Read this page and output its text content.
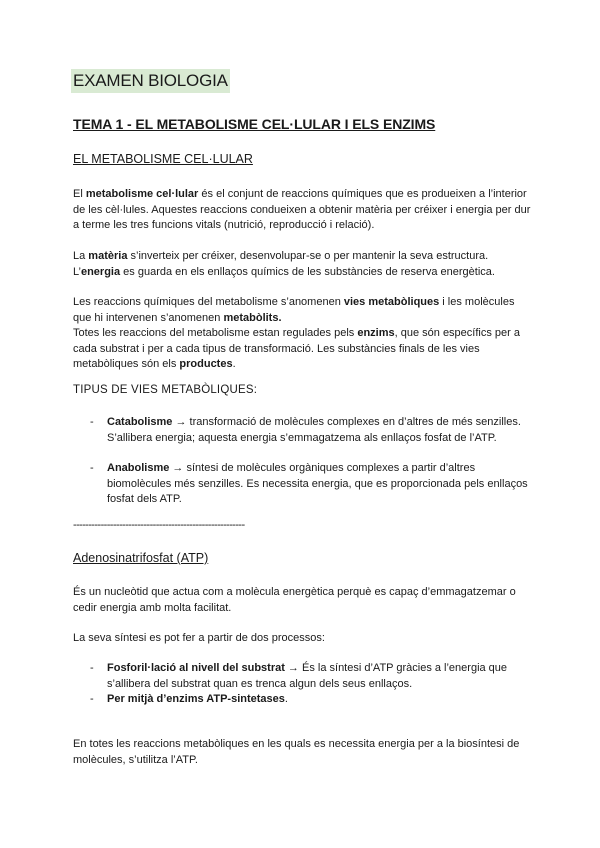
EXAMEN BIOLOGIA
TEMA 1 - EL METABOLISME CEL·LULAR I ELS ENZIMS
EL METABOLISME CEL·LULAR
El metabolisme cel·lular és el conjunt de reaccions químiques que es produeixen a l’interior de les cèl·lules. Aquestes reaccions condueixen a obtenir matèria per créixer i energia per dur a terme les tres funcions vitals (nutrició, reproducció i relació).
La matèria s’inverteix per créixer, desenvolupar-se o per mantenir la seva estructura.
L’energia es guarda en els enllaços químics de les substàncies de reserva energètica.
Les reaccions químiques del metabolisme s’anomenen vies metabòliques i les molècules que hi intervenen s’anomenen metabòlits.
Totes les reaccions del metabolisme estan regulades pels enzims, que són específics per a cada substrat i per a cada tipus de transformació. Les substàncies finals de les vies metabòliques són els productes.
TIPUS DE VIES METABÒLIQUES:
- Catabolisme → transformació de molècules complexes en d’altres de més senzilles. S’allibera energia; aquesta energia s’emmagatzema als enllaços fosfat de l’ATP.
- Anabolisme → síntesi de molècules orgàniques complexes a partir d’altres biomolècules més senzilles. Es necessita energia, que es proporcionada pels enllaços fosfat dels ATP.
--------------------------------------------------------
Adenosinatrifosfat (ATP)
És un nucleòtid que actua com a molècula energètica perquè es capaç d’emmagatzemar o cedir energia amb molta facilitat.
La seva síntesi es pot fer a partir de dos processos:
- Fosforil·lació al nivell del substrat → És la síntesi d’ATP gràcies a l’energia que s’allibera del substrat quan es trenca algun dels seus enllaços.
- Per mitjà d’enzims ATP-sintetases.
En totes les reaccions metabòliques en les quals es necessita energia per a la biosíntesi de molècules, s’utilitza l’ATP.
